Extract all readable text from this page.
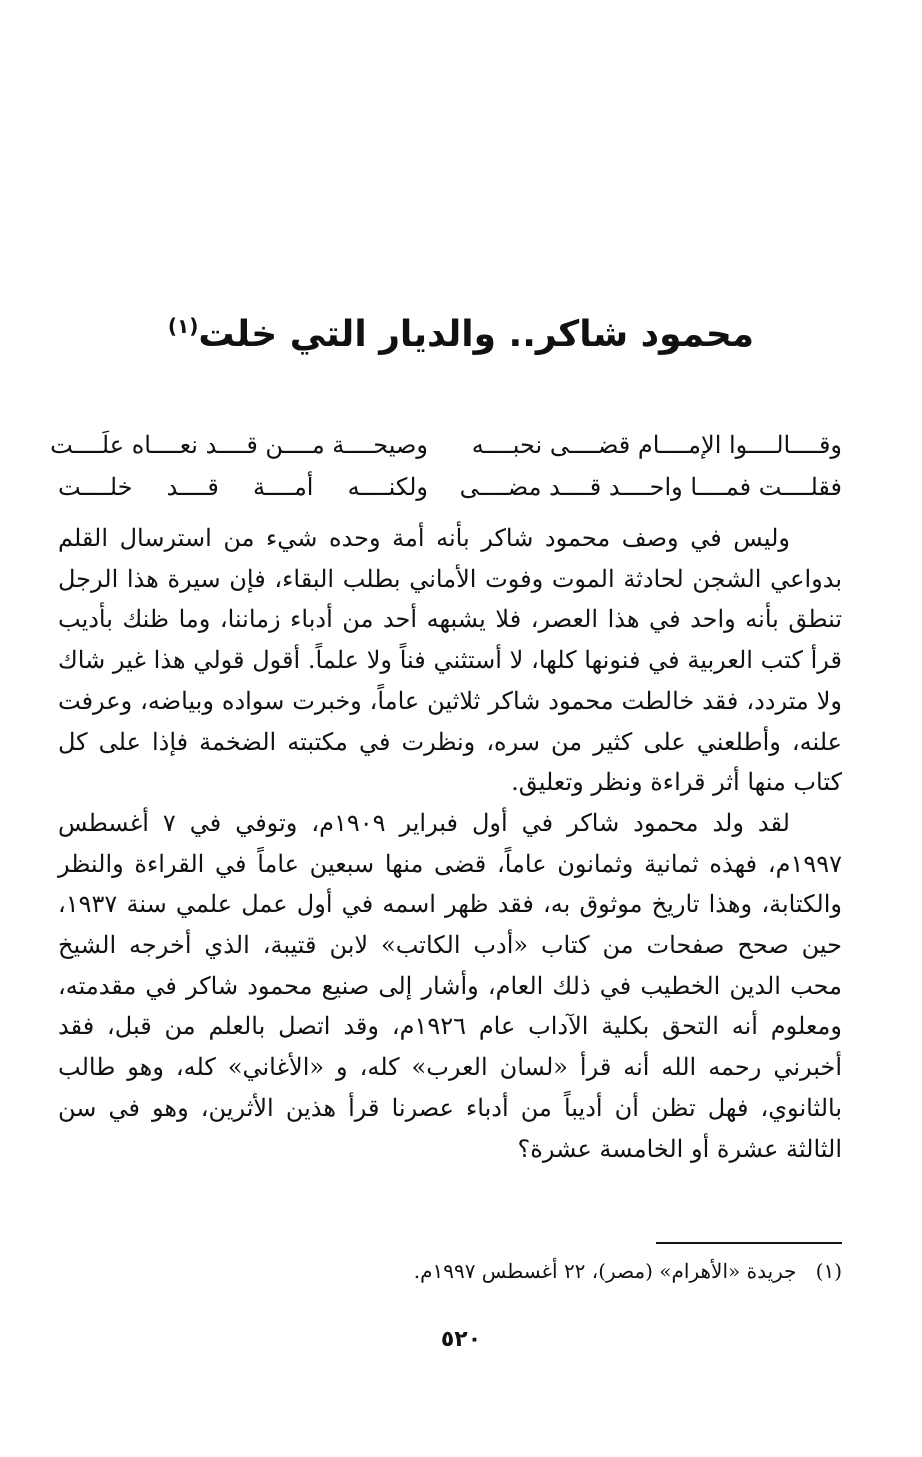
محمود شاكر.. والديار التي خلت$^{(١)}$
وقــــالــــوا الإمــــام قضــــى نحبــــه
وصيحــــة مــــن قــــد نعــــاه علَــــت
فقلــــت فمــــا واحــــد قــــد مضــــى
ولكنــــه أمــــة قــــد خلــــت

وليس في وصف محمود شاكر بأنه أمة وحده شيء من استرسال القلم بدواعي الشجن لحادثة الموت وفوت الأماني بطلب البقاء، فإن سيرة هذا الرجل تنطق بأنه واحد في هذا العصر، فلا يشبهه أحد من أدباء زماننا، وما ظنك بأديب قرأ كتب العربية في فنونها كلها، لا أستثني فناً ولا علماً. أقول قولي هذا غير شاك ولا متردد، فقد خالطت محمود شاكر ثلاثين عاماً، وخبرت سواده وبياضه، وعرفت علنه، وأطلعني على كثير من سره، ونظرت في مكتبته الضخمة فإذا على كل كتاب منها أثر قراءة ونظر وتعليق.

لقد ولد محمود شاكر في أول فبراير ١٩٠٩م، وتوفي في ٧ أغسطس ١٩٩٧م، فهذه ثمانية وثمانون عاماً، قضى منها سبعين عاماً في القراءة والنظر والكتابة، وهذا تاريخ موثوق به، فقد ظهر اسمه في أول عمل علمي سنة ١٩٣٧، حين صحح صفحات من كتاب «أدب الكاتب» لابن قتيبة، الذي أخرجه الشيخ محب الدين الخطيب في ذلك العام، وأشار إلى صنيع محمود شاكر في مقدمته، ومعلوم أنه التحق بكلية الآداب عام ١٩٢٦م، وقد اتصل بالعلم من قبل، فقد أخبرني رحمه الله أنه قرأ «لسان العرب» كله، و «الأغاني» كله، وهو طالب بالثانوي، فهل تظن أن أديباً من أدباء عصرنا قرأ هذين الأثرين، وهو في سن الثالثة عشرة أو الخامسة عشرة؟

(١)   جريدة «الأهرام» (مصر)، ٢٢ أغسطس ١٩٩٧م.

٥٢٠
